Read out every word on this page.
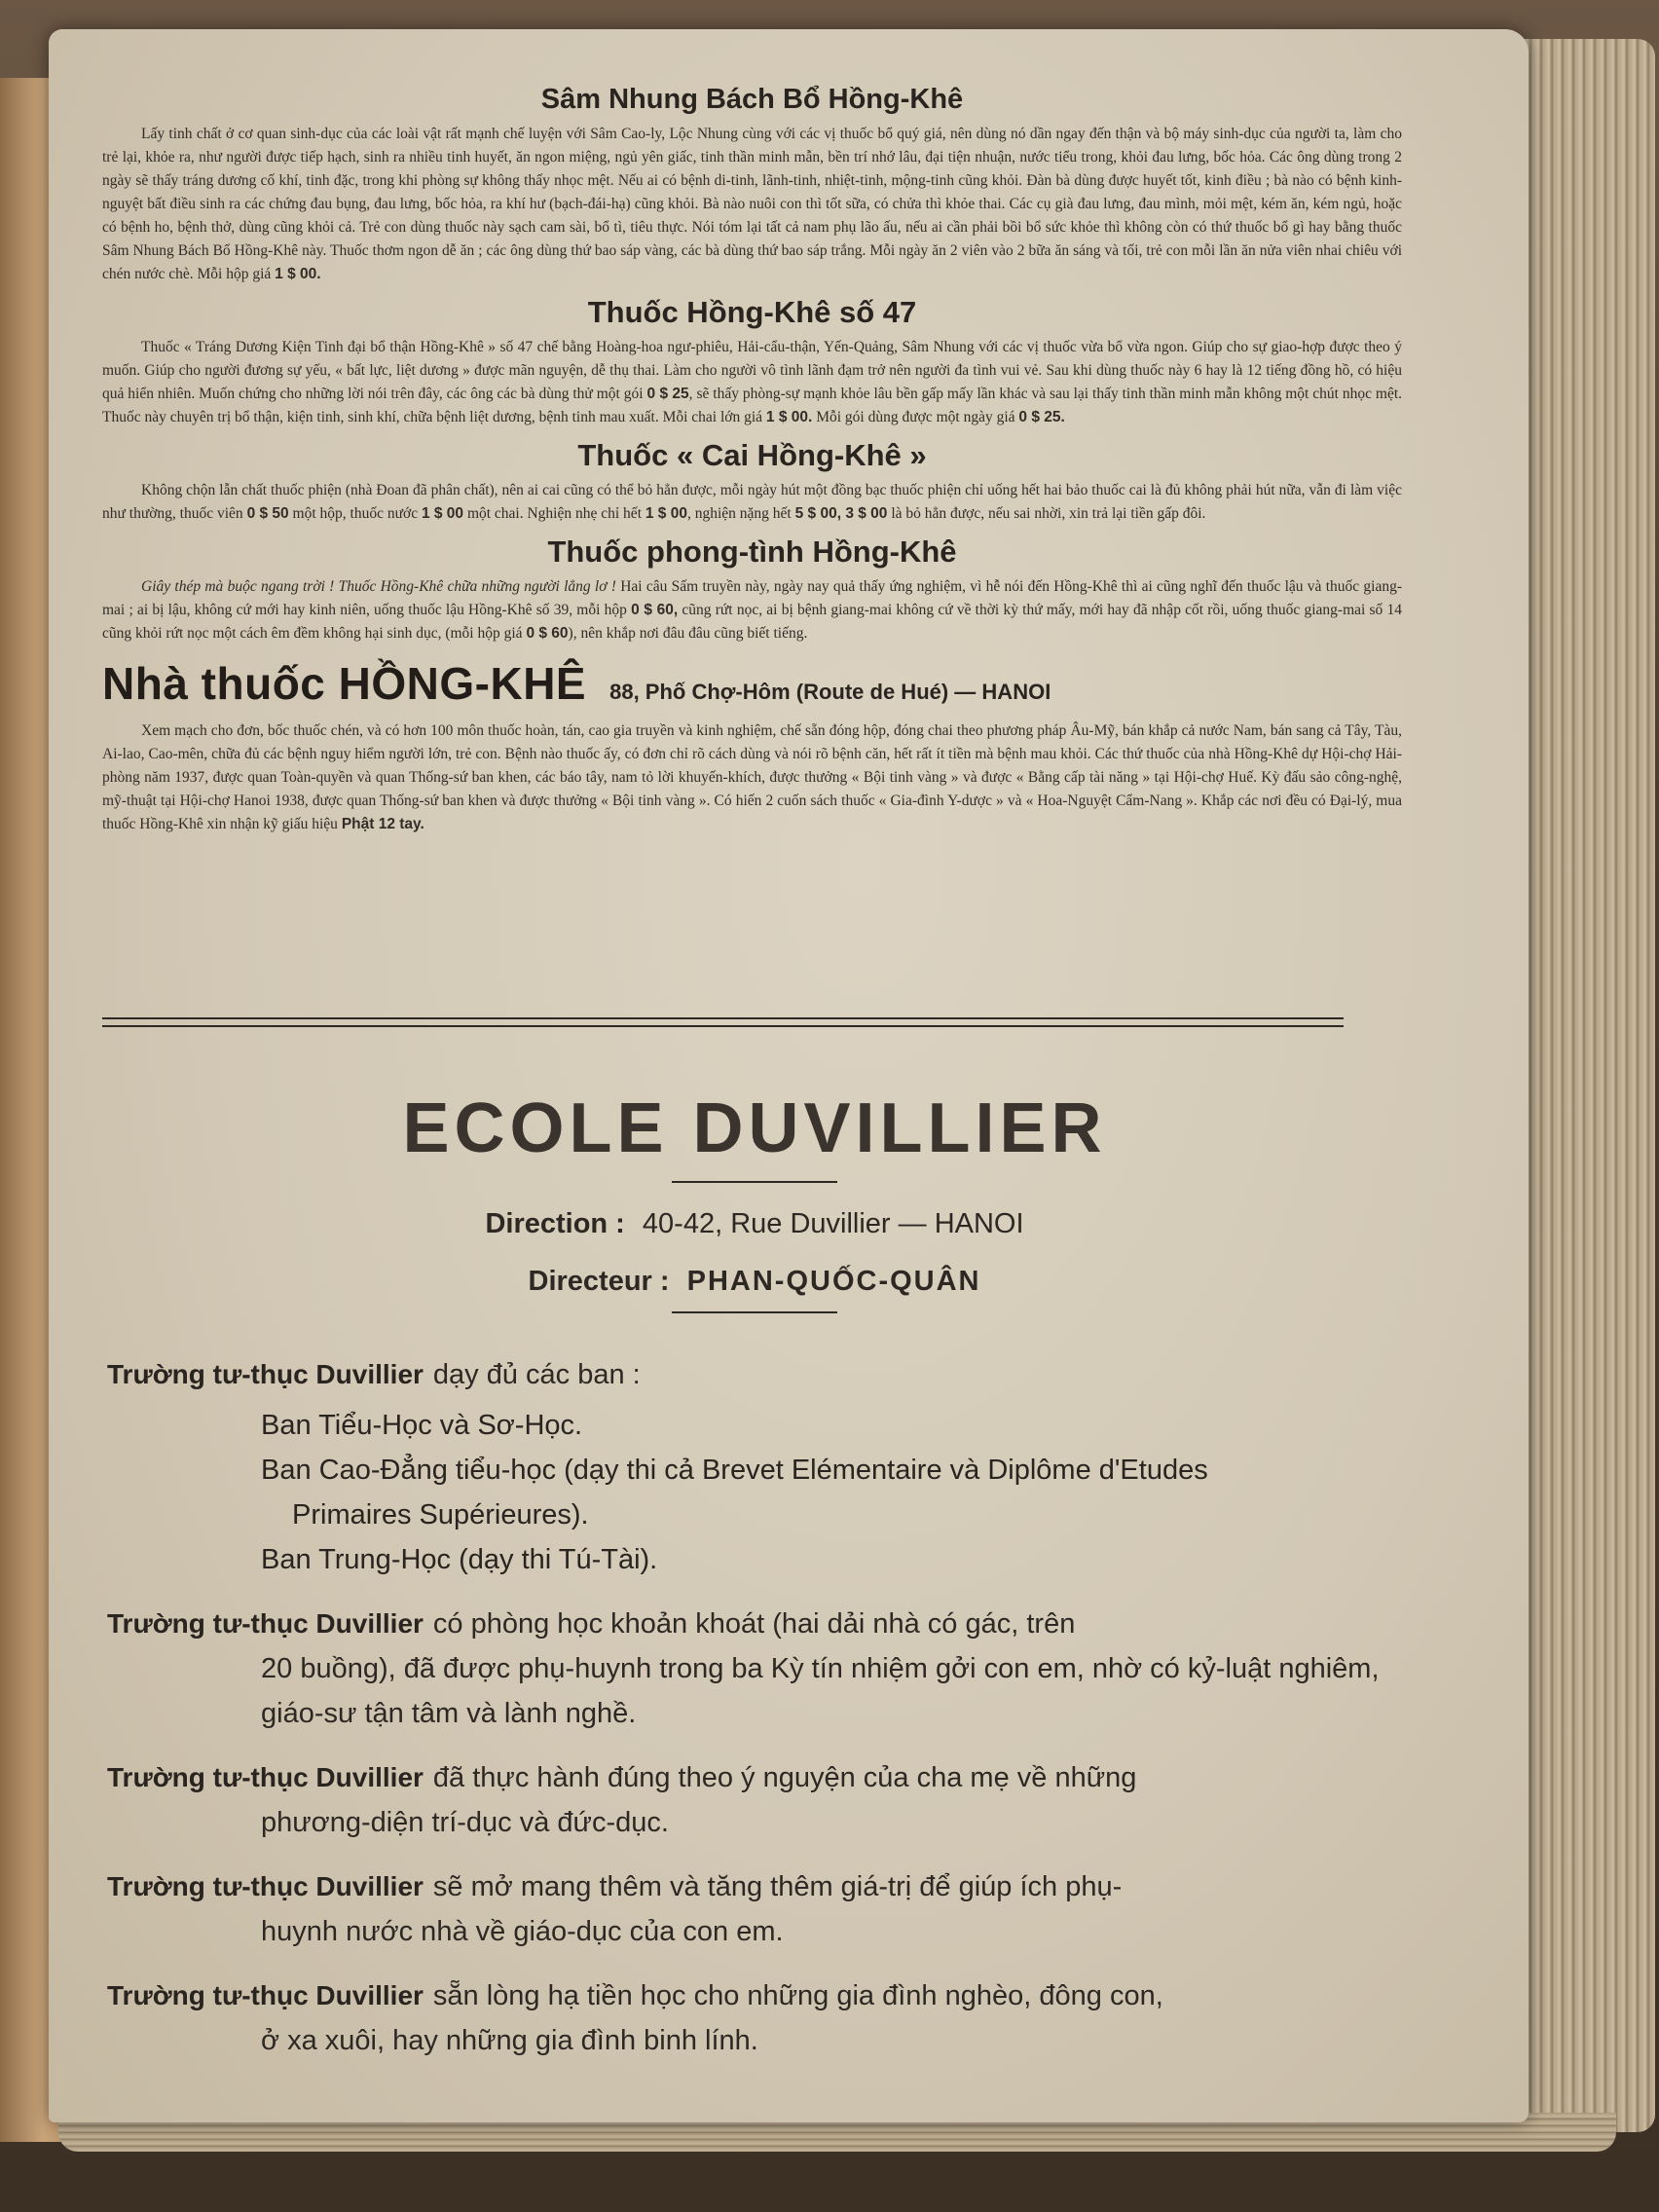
Sâm Nhung Bách Bổ Hồng-Khê

Lấy tinh chất ở cơ quan sinh-dục của các loài vật rất mạnh chế luyện với Sâm Cao-ly, Lộc Nhung cùng với các vị thuốc bổ quý giá, nên dùng nó dần ngay đến thận và bộ máy sinh-dục của người ta, làm cho trẻ lại, khỏe ra, như người được tiếp hạch, sinh ra nhiều tinh huyết, ăn ngon miệng, ngủ yên giấc, tinh thần minh mẫn, bền trí nhớ lâu, đại tiện nhuận, nước tiểu trong, khỏi đau lưng, bốc hỏa. Các ông dùng trong 2 ngày sẽ thấy tráng dương cố khí, tinh đặc, trong khi phòng sự không thấy nhọc mệt. Nếu ai có bệnh di-tinh, lãnh-tinh, nhiệt-tinh, mộng-tinh cũng khỏi. Đàn bà dùng được huyết tốt, kinh điều ; bà nào có bệnh kinh-nguyệt bất điều sinh ra các chứng đau bụng, đau lưng, bốc hỏa, ra khí hư (bạch-đái-hạ) cũng khỏi. Bà nào nuôi con thì tốt sữa, có chửa thì khỏe thai. Các cụ già đau lưng, đau mình, mỏi mệt, kém ăn, kém ngủ, hoặc có bệnh ho, bệnh thở, dùng cũng khỏi cả. Trẻ con dùng thuốc này sạch cam sài, bổ tì, tiêu thực. Nói tóm lại tất cả nam phụ lão ấu, nếu ai cần phải bồi bổ sức khỏe thì không còn có thứ thuốc bổ gì hay bằng thuốc Sâm Nhung Bách Bổ Hồng-Khê này. Thuốc thơm ngon dễ ăn ; các ông dùng thứ bao sáp vàng, các bà dùng thứ bao sáp trắng. Mỗi ngày ăn 2 viên vào 2 bữa ăn sáng và tối, trẻ con mỗi lần ăn nửa viên nhai chiêu với chén nước chè. Mỗi hộp giá 1 $ 00.

Thuốc Hồng-Khê số 47

Thuốc « Tráng Dương Kiện Tinh đại bổ thận Hồng-Khê » số 47 chế bằng Hoàng-hoa ngư-phiêu, Hải-cẩu-thận, Yến-Quảng, Sâm Nhung với các vị thuốc vừa bổ vừa ngon. Giúp cho sự giao-hợp được theo ý muốn. Giúp cho người đương sự yếu, « bất lực, liệt dương » được mãn nguyện, dễ thụ thai. Làm cho người vô tình lãnh đạm trở nên người đa tình vui vẻ. Sau khi dùng thuốc này 6 hay là 12 tiếng đồng hồ, có hiệu quả hiển nhiên. Muốn chứng cho những lời nói trên đây, các ông các bà dùng thử một gói 0 $ 25, sẽ thấy phòng-sự mạnh khỏe lâu bền gấp mấy lần khác và sau lại thấy tinh thần minh mẫn không một chút nhọc mệt. Thuốc này chuyên trị bổ thận, kiện tinh, sinh khí, chữa bệnh liệt dương, bệnh tinh mau xuất. Mỗi chai lớn giá 1 $ 00. Mỗi gói dùng được một ngày giá 0 $ 25.

Thuốc « Cai Hồng-Khê »

Không chộn lẫn chất thuốc phiện (nhà Đoan đã phân chất), nên ai cai cũng có thể bỏ hẳn được, mỗi ngày hút một đồng bạc thuốc phiện chỉ uống hết hai bảo thuốc cai là đủ không phải hút nữa, vẫn đi làm việc như thường, thuốc viên 0 $ 50 một hộp, thuốc nước 1 $ 00 một chai. Nghiện nhẹ chỉ hết 1 $ 00, nghiện nặng hết 5 $ 00, 3 $ 00 là bỏ hẳn được, nếu sai nhời, xin trả lại tiền gấp đôi.

Thuốc phong-tình Hồng-Khê

Giây thép mà buộc ngang trời ! Thuốc Hồng-Khê chữa những người lẳng lơ ! Hai câu Sấm truyền này, ngày nay quả thấy ứng nghiệm, vì hễ nói đến Hồng-Khê thì ai cũng nghĩ đến thuốc lậu và thuốc giang-mai ; ai bị lậu, không cứ mới hay kinh niên, uống thuốc lậu Hồng-Khê số 39, mỗi hộp 0 $ 60, cũng rứt nọc, ai bị bệnh giang-mai không cứ về thời kỳ thứ mấy, mới hay đã nhập cốt rồi, uống thuốc giang-mai số 14 cũng khỏi rứt nọc một cách êm đềm không hại sinh dục, (mỗi hộp giá 0 $ 60), nên khắp nơi đâu đâu cũng biết tiếng.

Nhà thuốc HỒNG-KHÊ 88, Phố Chợ-Hôm (Route de Hué) — HANOI

Xem mạch cho đơn, bốc thuốc chén, và có hơn 100 môn thuốc hoàn, tán, cao gia truyền và kinh nghiệm, chế sẵn đóng hộp, đóng chai theo phương pháp Âu-Mỹ, bán khắp cả nước Nam, bán sang cả Tây, Tàu, Ai-lao, Cao-mên, chữa đủ các bệnh nguy hiểm người lớn, trẻ con. Bệnh nào thuốc ấy, có đơn chỉ rõ cách dùng và nói rõ bệnh căn, hết rất ít tiền mà bệnh mau khỏi. Các thứ thuốc của nhà Hồng-Khê dự Hội-chợ Hải-phòng năm 1937, được quan Toàn-quyền và quan Thống-sứ ban khen, các báo tây, nam tỏ lời khuyến-khích, được thưởng « Bội tinh vàng » và được « Bằng cấp tài năng » tại Hội-chợ Huế. Kỳ đấu sảo công-nghệ, mỹ-thuật tại Hội-chợ Hanoi 1938, được quan Thống-sứ ban khen và được thưởng « Bội tinh vàng ». Có hiến 2 cuốn sách thuốc « Gia-đình Y-dược » và « Hoa-Nguyệt Cẩm-Nang ». Khắp các nơi đều có Đại-lý, mua thuốc Hồng-Khê xin nhận kỹ giấu hiệu Phật 12 tay.

ECOLE DUVILLIER
Direction : 40-42, Rue Duvillier — HANOI
Directeur : PHAN-QUỐC-QUÂN
Trường tư-thục Duvillier dạy đủ các ban :
Ban Tiểu-Học và Sơ-Học.
Ban Cao-Đẳng tiểu-học (dạy thi cả Brevet Elémentaire và Diplôme d'Etudes
Primaires Supérieures).
Ban Trung-Học (dạy thi Tú-Tài).
Trường tư-thục Duvillier có phòng học khoản khoát (hai dải nhà có gác, trên
20 buồng), đã được phụ-huynh trong ba Kỳ tín nhiệm gởi con em, nhờ có kỷ-luật nghiêm, giáo-sư tận tâm và lành nghề.
Trường tư-thục Duvillier đã thực hành đúng theo ý nguyện của cha mẹ về những
phương-diện trí-dục và đức-dục.
Trường tư-thục Duvillier sẽ mở mang thêm và tăng thêm giá-trị để giúp ích phụ-
huynh nước nhà về giáo-dục của con em.
Trường tư-thục Duvillier sẵn lòng hạ tiền học cho những gia đình nghèo, đông con,
ở xa xuôi, hay những gia đình binh lính.
